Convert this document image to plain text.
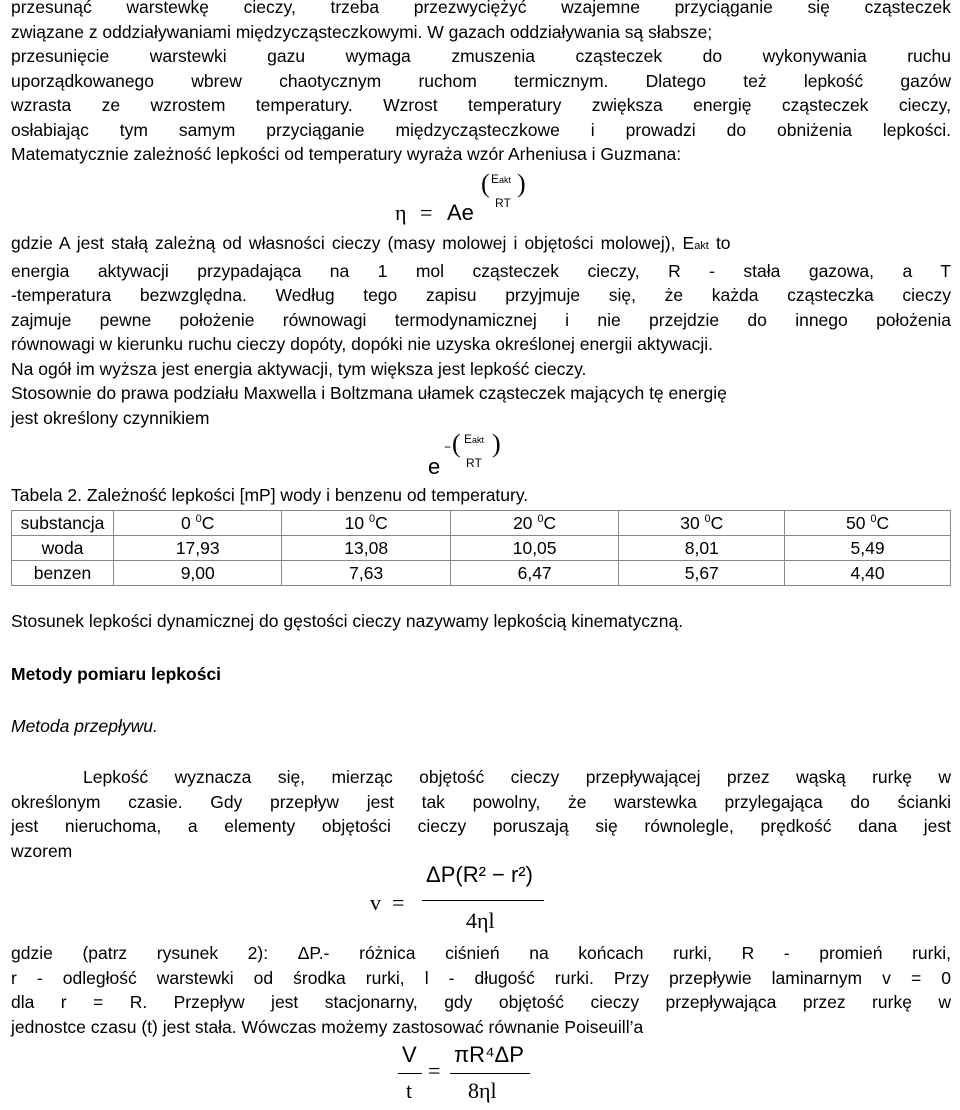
przesunąć warstewkę cieczy, trzeba przezwyciężyć wzajemne przyciąganie się cząsteczek
związane z oddziaływaniami międzycząsteczkowymi. W gazach oddziaływania są słabsze;
przesunięcie warstewki gazu wymaga zmuszenia cząsteczek do wykonywania ruchu
uporządkowanego wbrew chaotycznym ruchom termicznym. Dlatego też lepkość gazów
wzrasta ze wzrostem temperatury. Wzrost temperatury zwiększa energię cząsteczek cieczy,
osłabiając tym samym przyciąganie międzycząsteczkowe i prowadzi do obniżenia lepkości.
Matematycznie zależność lepkości od temperatury wyraża wzór Arheniusa i Guzmana:
η = Ae
( Eakt
RT
)
gdzie A jest stałą zależną od własności cieczy (masy molowej i objętości molowej), Eakt to
energia aktywacji przypadająca na 1 mol cząsteczek cieczy, R - stała gazowa, a T
-temperatura bezwzględna. Według tego zapisu przyjmuje się, że każda cząsteczka cieczy
zajmuje pewne położenie równowagi termodynamicznej i nie przejdzie do innego położenia
równowagi w kierunku ruchu cieczy dopóty, dopóki nie uzyska określonej energii aktywacji.
Na ogół im wyższa jest energia aktywacji, tym większa jest lepkość cieczy.
Stosownie do prawa podziału Maxwella i Boltzmana ułamek cząsteczek mających tę energię
jest określony czynnikiem
e
− ( Eakt
RT
)
Tabela 2. Zależność lepkości [mP] wody i benzenu od temperatury.
substancja	0 $^0$C	10 $^0$C	20 $^0$C	30 $^0$C	50 $^0$C
woda	17,93	13,08	10,05	8,01	5,49
benzen	9,00	7,63	6,47	5,67	4,40
Stosunek lepkości dynamicznej do gęstości cieczy nazywamy lepkością kinematyczną.
Metody pomiaru lepkości
Metoda przepływu.
Lepkość wyznacza się, mierząc objętość cieczy przepływającej przez wąską rurkę w
określonym czasie. Gdy przepływ jest tak powolny, że warstewka przylegająca do ścianki
jest nieruchoma, a elementy objętości cieczy poruszają się równolegle, prędkość dana jest
wzorem
v =
ΔP(R² − r²)
4ηl
gdzie (patrz rysunek 2): ΔP.- różnica ciśnień na końcach rurki, R - promień rurki,
r - odległość warstewki od środka rurki, l - długość rurki. Przy przepływie laminarnym v = 0
dla r = R. Przepływ jest stacjonarny, gdy objętość cieczy przepływająca przez rurkę w
jednostce czasu (t) jest stała. Wówczas możemy zastosować równanie Poiseuill’a
V
t
=
πR⁴ΔP
8ηl
